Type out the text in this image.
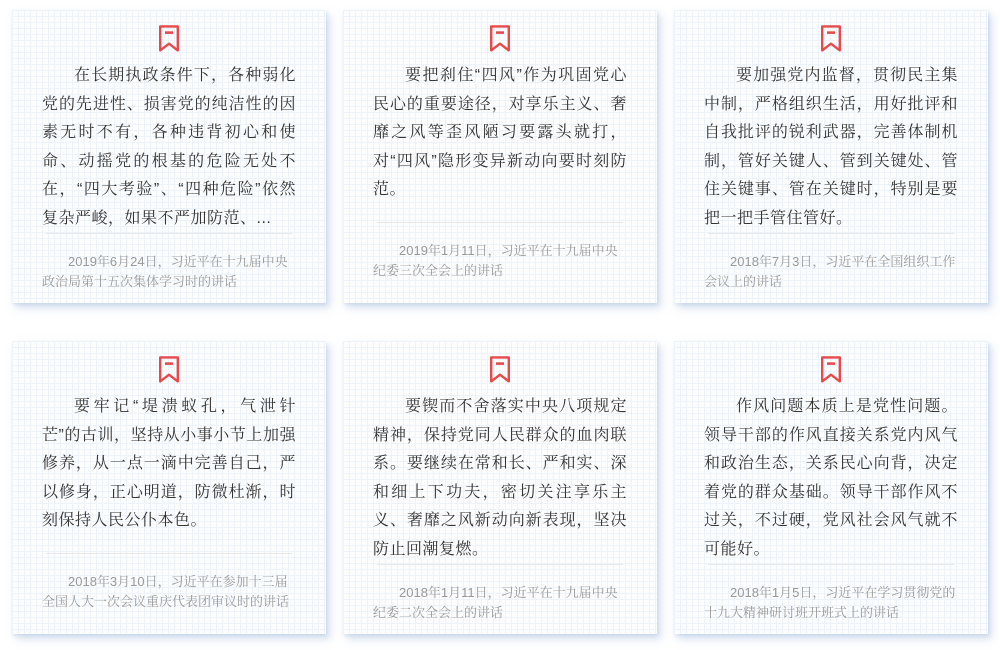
在长期执政条件下，各种弱化党的先进性、损害党的纯洁性的因素无时不有，各种违背初心和使命、动摇党的根基的危险无处不在，“四大考验”、“四种危险”依然复杂严峻，如果不严加防范、...

2019年6月24日，习近平在十九届中央政治局第十五次集体学习时的讲话

要把刹住“四风”作为巩固党心民心的重要途径，对享乐主义、奢靡之风等歪风陋习要露头就打，对“四风”隐形变异新动向要时刻防范。

2019年1月11日，习近平在十九届中央纪委三次全会上的讲话

要加强党内监督，贯彻民主集中制，严格组织生活，用好批评和自我批评的锐利武器，完善体制机制，管好关键人、管到关键处、管住关键事、管在关键时，特别是要把一把手管住管好。

2018年7月3日，习近平在全国组织工作会议上的讲话

要牢记“堤溃蚁孔，气泄针芒”的古训，坚持从小事小节上加强修养，从一点一滴中完善自己，严以修身，正心明道，防微杜渐，时刻保持人民公仆本色。

2018年3月10日，习近平在参加十三届全国人大一次会议重庆代表团审议时的讲话

要锲而不舍落实中央八项规定精神，保持党同人民群众的血肉联系。要继续在常和长、严和实、深和细上下功夫，密切关注享乐主义、奢靡之风新动向新表现，坚决防止回潮复燃。

2018年1月11日，习近平在十九届中央纪委二次全会上的讲话

作风问题本质上是党性问题。领导干部的作风直接关系党内风气和政治生态，关系民心向背，决定着党的群众基础。领导干部作风不过关，不过硬，党风社会风气就不可能好。

2018年1月5日，习近平在学习贯彻党的十九大精神研讨班开班式上的讲话
